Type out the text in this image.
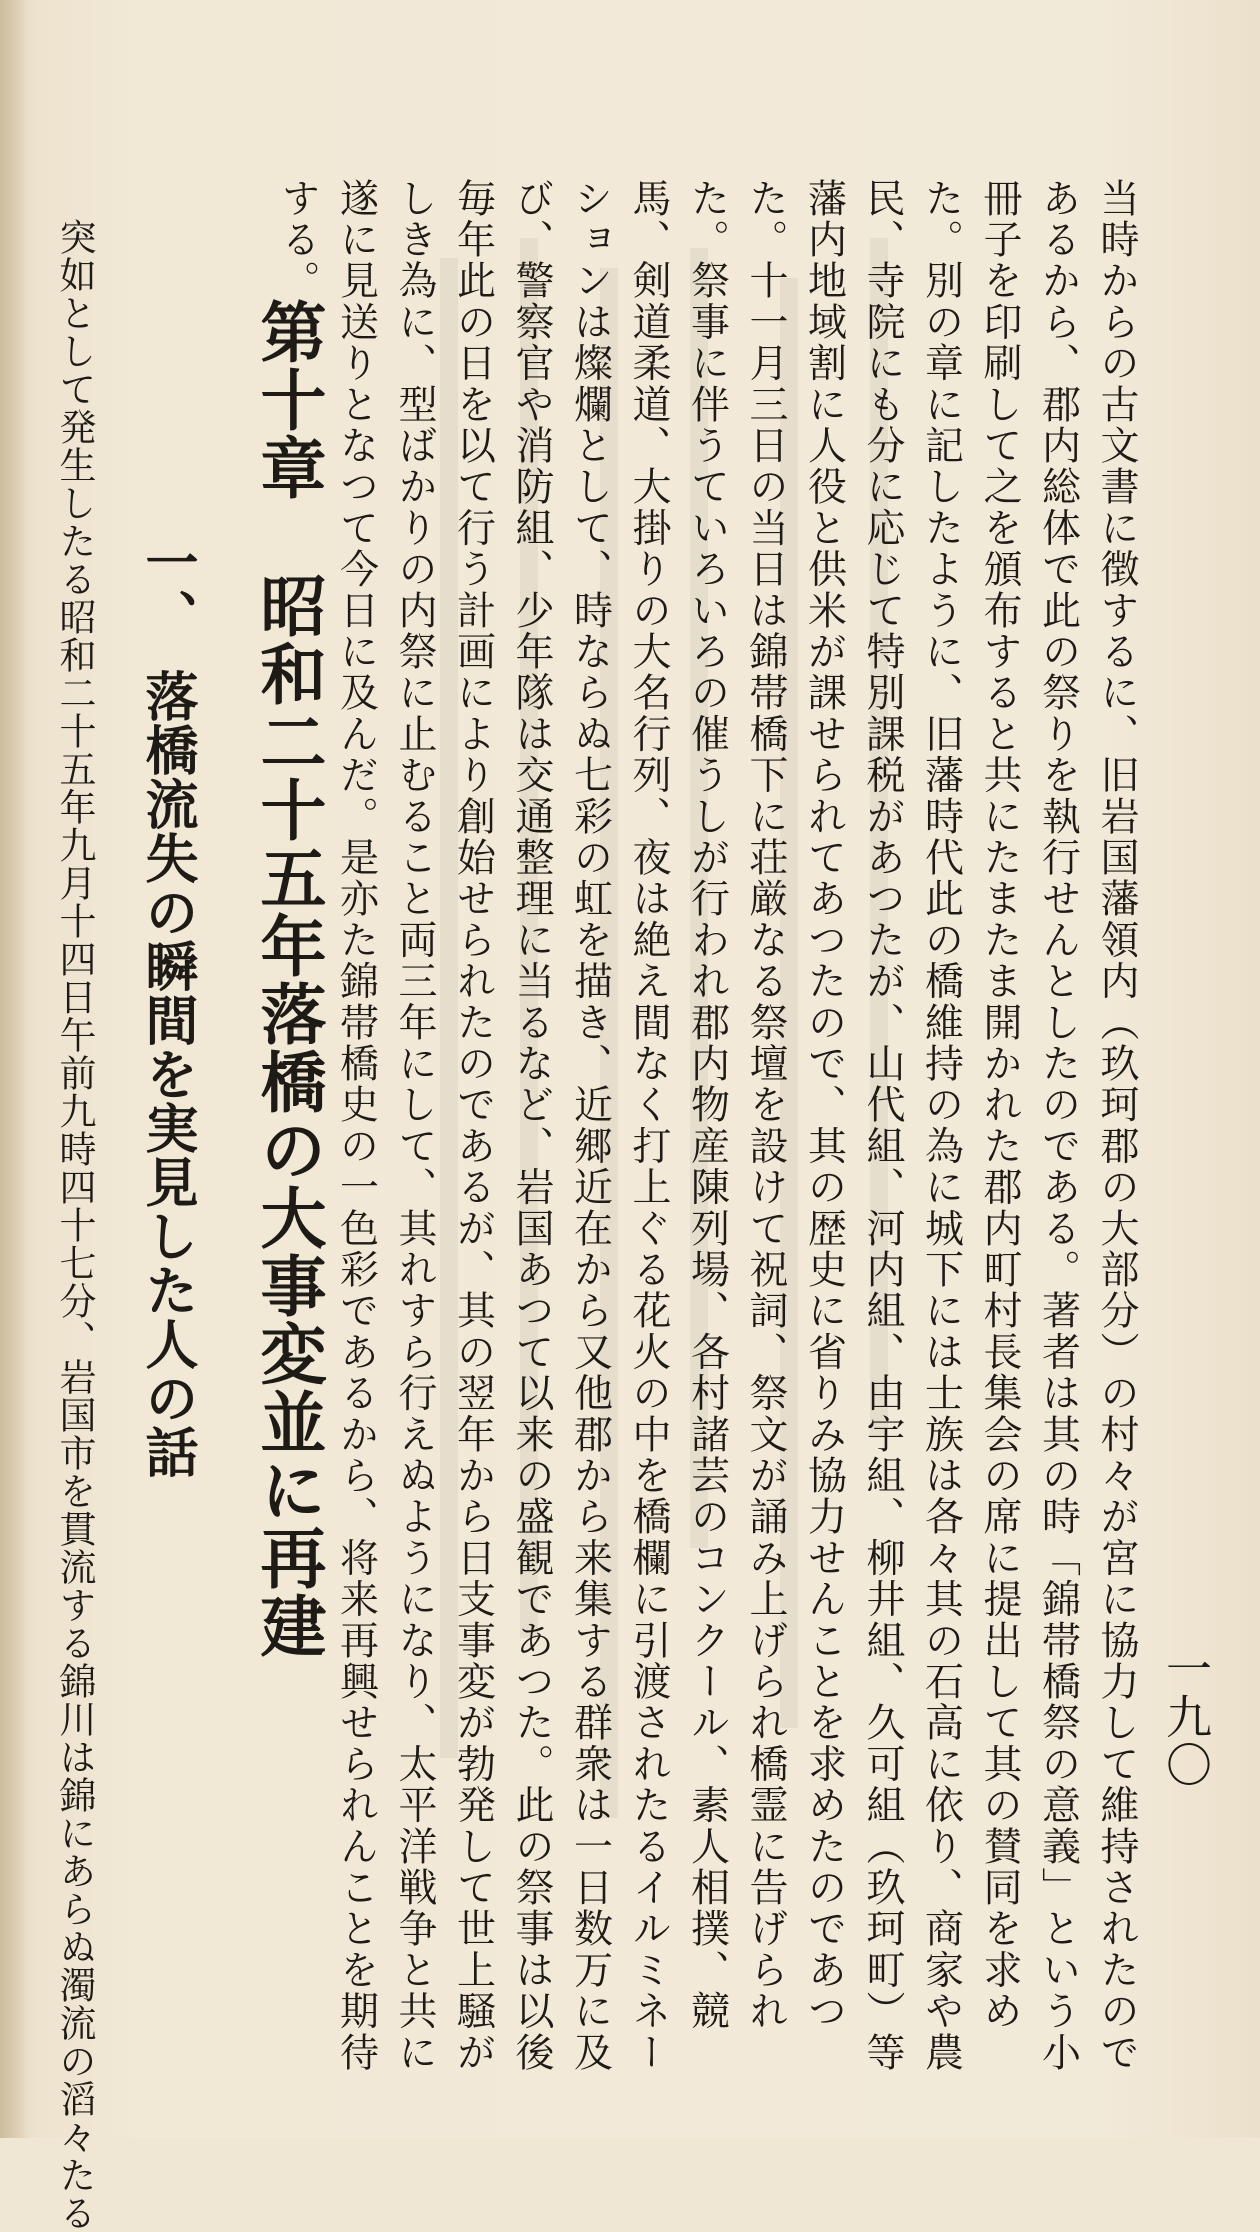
一九〇
当時からの古文書に徴するに、旧岩国藩領内（玖珂郡の大部分）の村々が宮に協力して維持されたのであるから、郡内総体で此の祭りを執行せんとしたのである。著者は其の時「錦帯橋祭の意義」という小冊子を印刷して之を頒布すると共にたまたま開かれた郡内町村長集会の席に提出して其の賛同を求めた。別の章に記したように、旧藩時代此の橋維持の為に城下には士族は各々其の石高に依り、商家や農民、寺院にも分に応じて特別課税があつたが、山代組、河内組、由宇組、柳井組、久可組（玖珂町）等藩内地域割に人役と供米が課せられてあつたので、其の歴史に省りみ協力せんことを求めたのであつた。十一月三日の当日は錦帯橋下に荘厳なる祭壇を設けて祝詞、祭文が誦み上げられ橋霊に告げられた。祭事に伴うていろいろの催うしが行われ郡内物産陳列場、各村諸芸のコンクール、素人相撲、競馬、剣道柔道、大掛りの大名行列、夜は絶え間なく打上ぐる花火の中を橋欄に引渡されたるイルミネーションは燦爛として、時ならぬ七彩の虹を描き、近郷近在から又他郡から来集する群衆は一日数万に及び、警察官や消防組、少年隊は交通整理に当るなど、岩国あつて以来の盛観であつた。此の祭事は以後毎年此の日を以て行う計画により創始せられたのであるが、其の翌年から日支事変が勃発して世上騒がしき為に、型ばかりの内祭に止むること両三年にして、其れすら行えぬようになり、太平洋戦争と共に遂に見送りとなつて今日に及んだ。是亦た錦帯橋史の一色彩であるから、将来再興せられんことを期待する。
第十章昭和二十五年落橋の大事変並に再建
一、落橋流失の瞬間を実見した人の話
突如として発生したる昭和二十五年九月十四日午前九時四十七分、岩国市を貫流する錦川は錦にあらぬ濁流の滔々たる
